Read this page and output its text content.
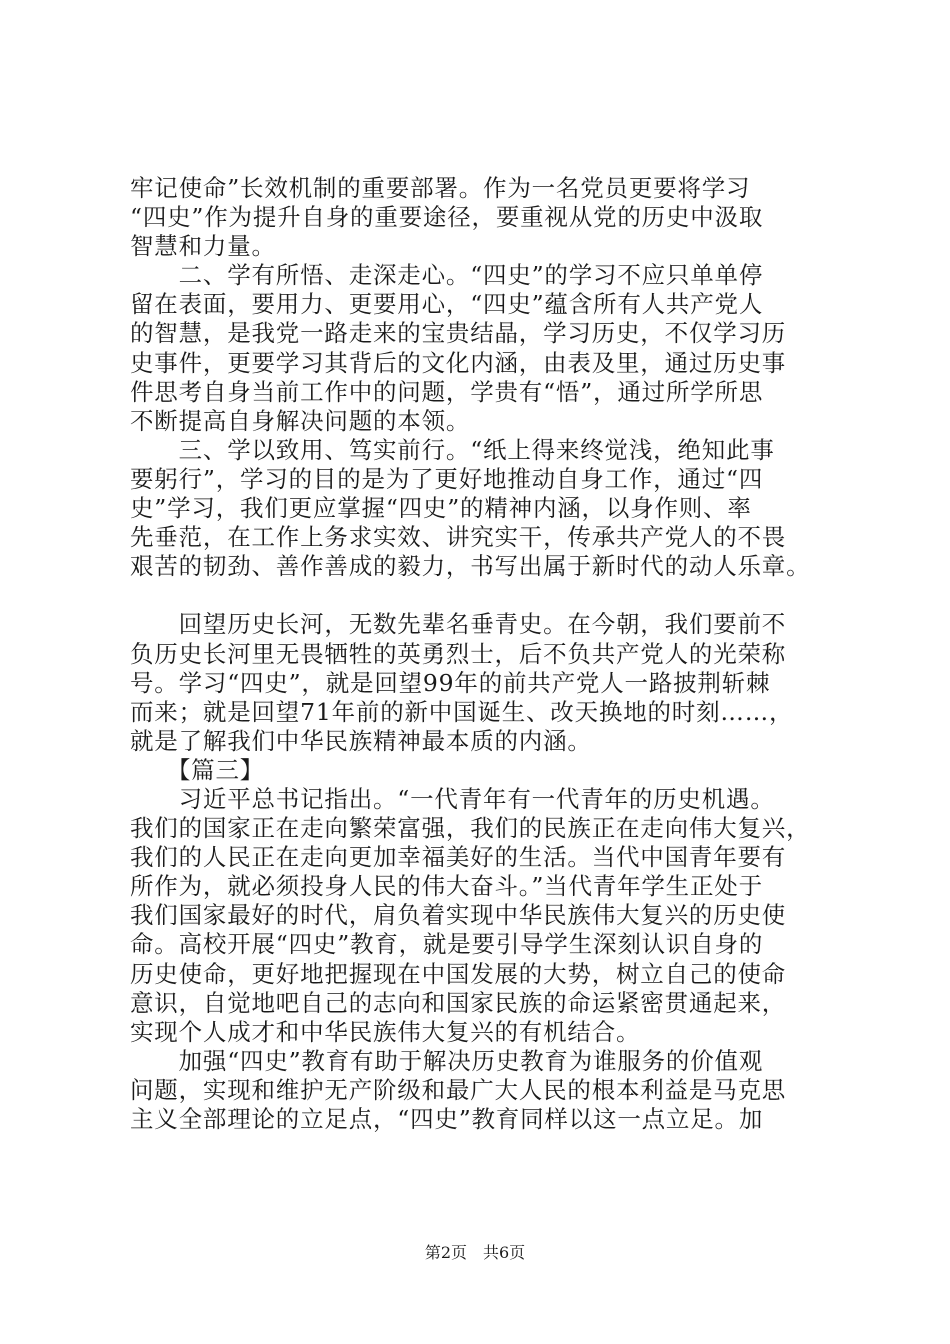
牢记使命”长效机制的重要部署。作为一名党员更要将学习
“四史”作为提升自身的重要途径，要重视从党的历史中汲取
智慧和力量。
　　二、学有所悟、走深走心。“四史”的学习不应只单单停
留在表面，要用力、更要用心，“四史”蕴含所有人共产党人
的智慧，是我党一路走来的宝贵结晶，学习历史，不仅学习历
史事件，更要学习其背后的文化内涵，由表及里，通过历史事
件思考自身当前工作中的问题，学贵有“悟”，通过所学所思
不断提高自身解决问题的本领。
　　三、学以致用、笃实前行。“纸上得来终觉浅，绝知此事
要躬行”，学习的目的是为了更好地推动自身工作，通过“四
史”学习，我们更应掌握“四史”的精神内涵，以身作则、率
先垂范，在工作上务求实效、讲究实干，传承共产党人的不畏
艰苦的韧劲、善作善成的毅力，书写出属于新时代的动人乐章。
　　回望历史长河，无数先辈名垂青史。在今朝，我们要前不
负历史长河里无畏牺牲的英勇烈士，后不负共产党人的光荣称
号。学习“四史”，就是回望99年的前共产党人一路披荆斩棘
而来；就是回望71年前的新中国诞生、改天换地的时刻……，
就是了解我们中华民族精神最本质的内涵。
　　【篇三】
　　习近平总书记指出。“一代青年有一代青年的历史机遇。
我们的国家正在走向繁荣富强，我们的民族正在走向伟大复兴，
我们的人民正在走向更加幸福美好的生活。当代中国青年要有
所作为，就必须投身人民的伟大奋斗。”当代青年学生正处于
我们国家最好的时代，肩负着实现中华民族伟大复兴的历史使
命。高校开展“四史”教育，就是要引导学生深刻认识自身的
历史使命，更好地把握现在中国发展的大势，树立自己的使命
意识，自觉地吧自己的志向和国家民族的命运紧密贯通起来，
实现个人成才和中华民族伟大复兴的有机结合。
　　加强“四史”教育有助于解决历史教育为谁服务的价值观
问题，实现和维护无产阶级和最广大人民的根本利益是马克思
主义全部理论的立足点，“四史”教育同样以这一点立足。加
第2页　共6页
